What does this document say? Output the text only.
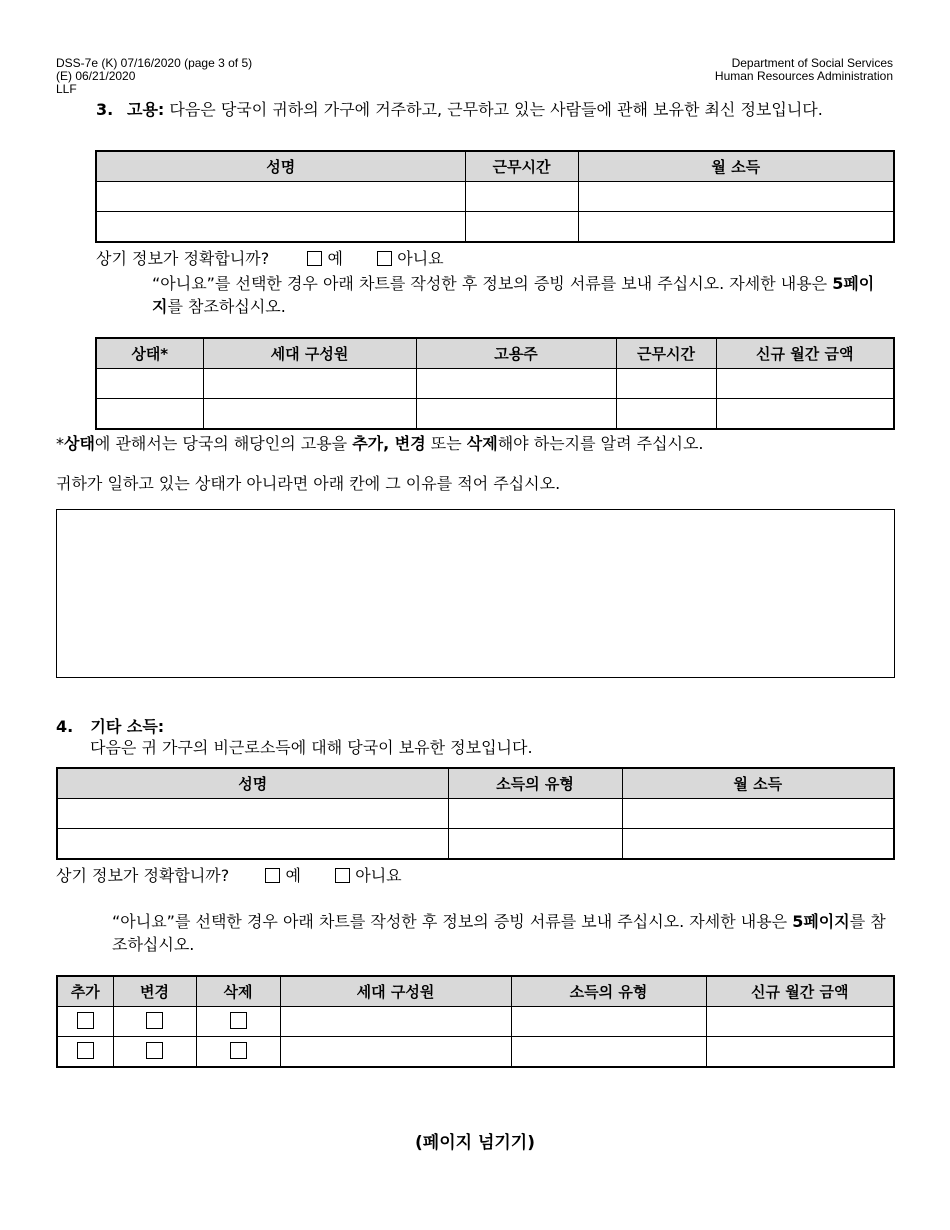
DSS-7e (K) 07/16/2020 (page 3 of 5)
(E) 06/21/2020
LLF
Department of Social Services
Human Resources Administration
3. 고용: 다음은 당국이 귀하의 가구에 거주하고, 근무하고 있는 사람들에 관해 보유한 최신 정보입니다.
성명	근무시간	월 소득

상기 정보가 정확합니까?	예	아니요
“아니요”를 선택한 경우 아래 차트를 작성한 후 정보의 증빙 서류를 보내 주십시오. 자세한 내용은 5페이지를 참조하십시오.
상태*	세대 구성원	고용주	근무시간	신규 월간 금액

*상태에 관해서는 당국의 해당인의 고용을 추가, 변경 또는 삭제해야 하는지를 알려 주십시오.
귀하가 일하고 있는 상태가 아니라면 아래 칸에 그 이유를 적어 주십시오.
4. 기타 소득:
다음은 귀 가구의 비근로소득에 대해 당국이 보유한 정보입니다.
성명	소득의 유형	월 소득

상기 정보가 정확합니까?	예	아니요
“아니요”를 선택한 경우 아래 차트를 작성한 후 정보의 증빙 서류를 보내 주십시오. 자세한 내용은 5페이지를 참조하십시오.
추가	변경	삭제	세대 구성원	소득의 유형	신규 월간 금액

(페이지 넘기기)
